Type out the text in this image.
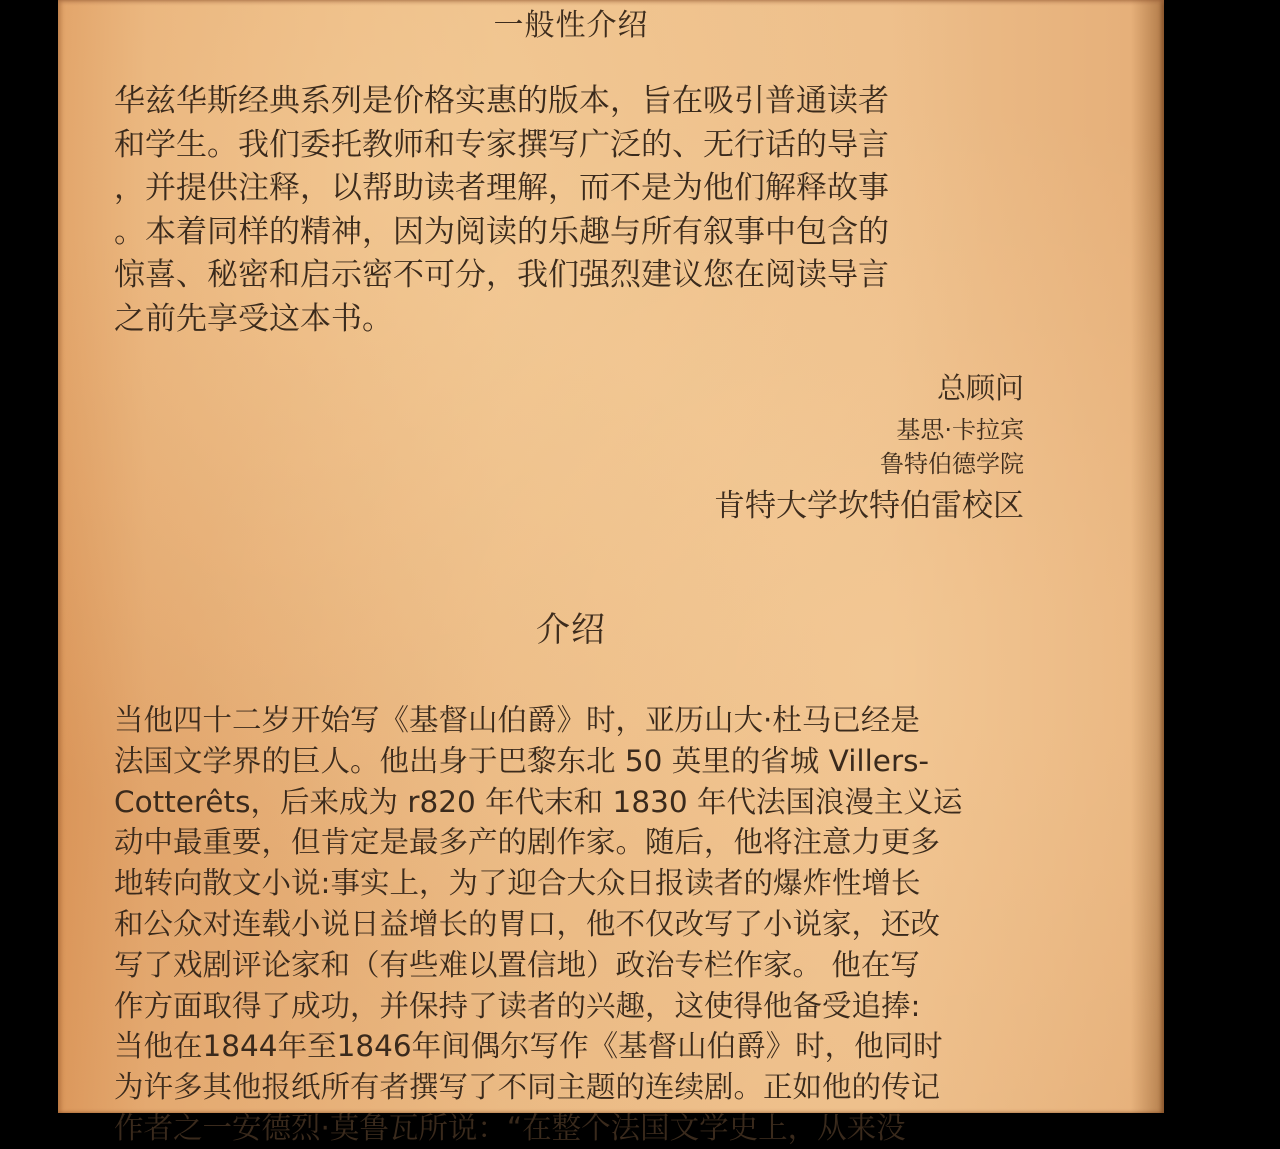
一般性介绍
华兹华斯经典系列是价格实惠的版本，旨在吸引普通读者
和学生。我们委托教师和专家撰写广泛的、无行话的导言
，并提供注释，以帮助读者理解，而不是为他们解释故事
。本着同样的精神，因为阅读的乐趣与所有叙事中包含的
惊喜、秘密和启示密不可分，我们强烈建议您在阅读导言
之前先享受这本书。
总顾问
基思·卡拉宾
鲁特伯德学院
肯特大学坎特伯雷校区
介绍
当他四十二岁开始写《基督山伯爵》时，亚历山大·杜马已经是
法国文学界的巨人。他出身于巴黎东北 50 英里的省城 Villers-
Cotterêts，后来成为 r820 年代末和 1830 年代法国浪漫主义运
动中最重要，但肯定是最多产的剧作家。随后，他将注意力更多
地转向散文小说:事实上，为了迎合大众日报读者的爆炸性增长
和公众对连载小说日益增长的胃口，他不仅改写了小说家，还改
写了戏剧评论家和（有些难以置信地）政治专栏作家。 他在写
作方面取得了成功，并保持了读者的兴趣，这使得他备受追捧:
当他在1844年至1846年间偶尔写作《基督山伯爵》时，他同时
为许多其他报纸所有者撰写了不同主题的连续剧。正如他的传记
作者之一安德烈·莫鲁瓦所说：“在整个法国文学史上，从来没
